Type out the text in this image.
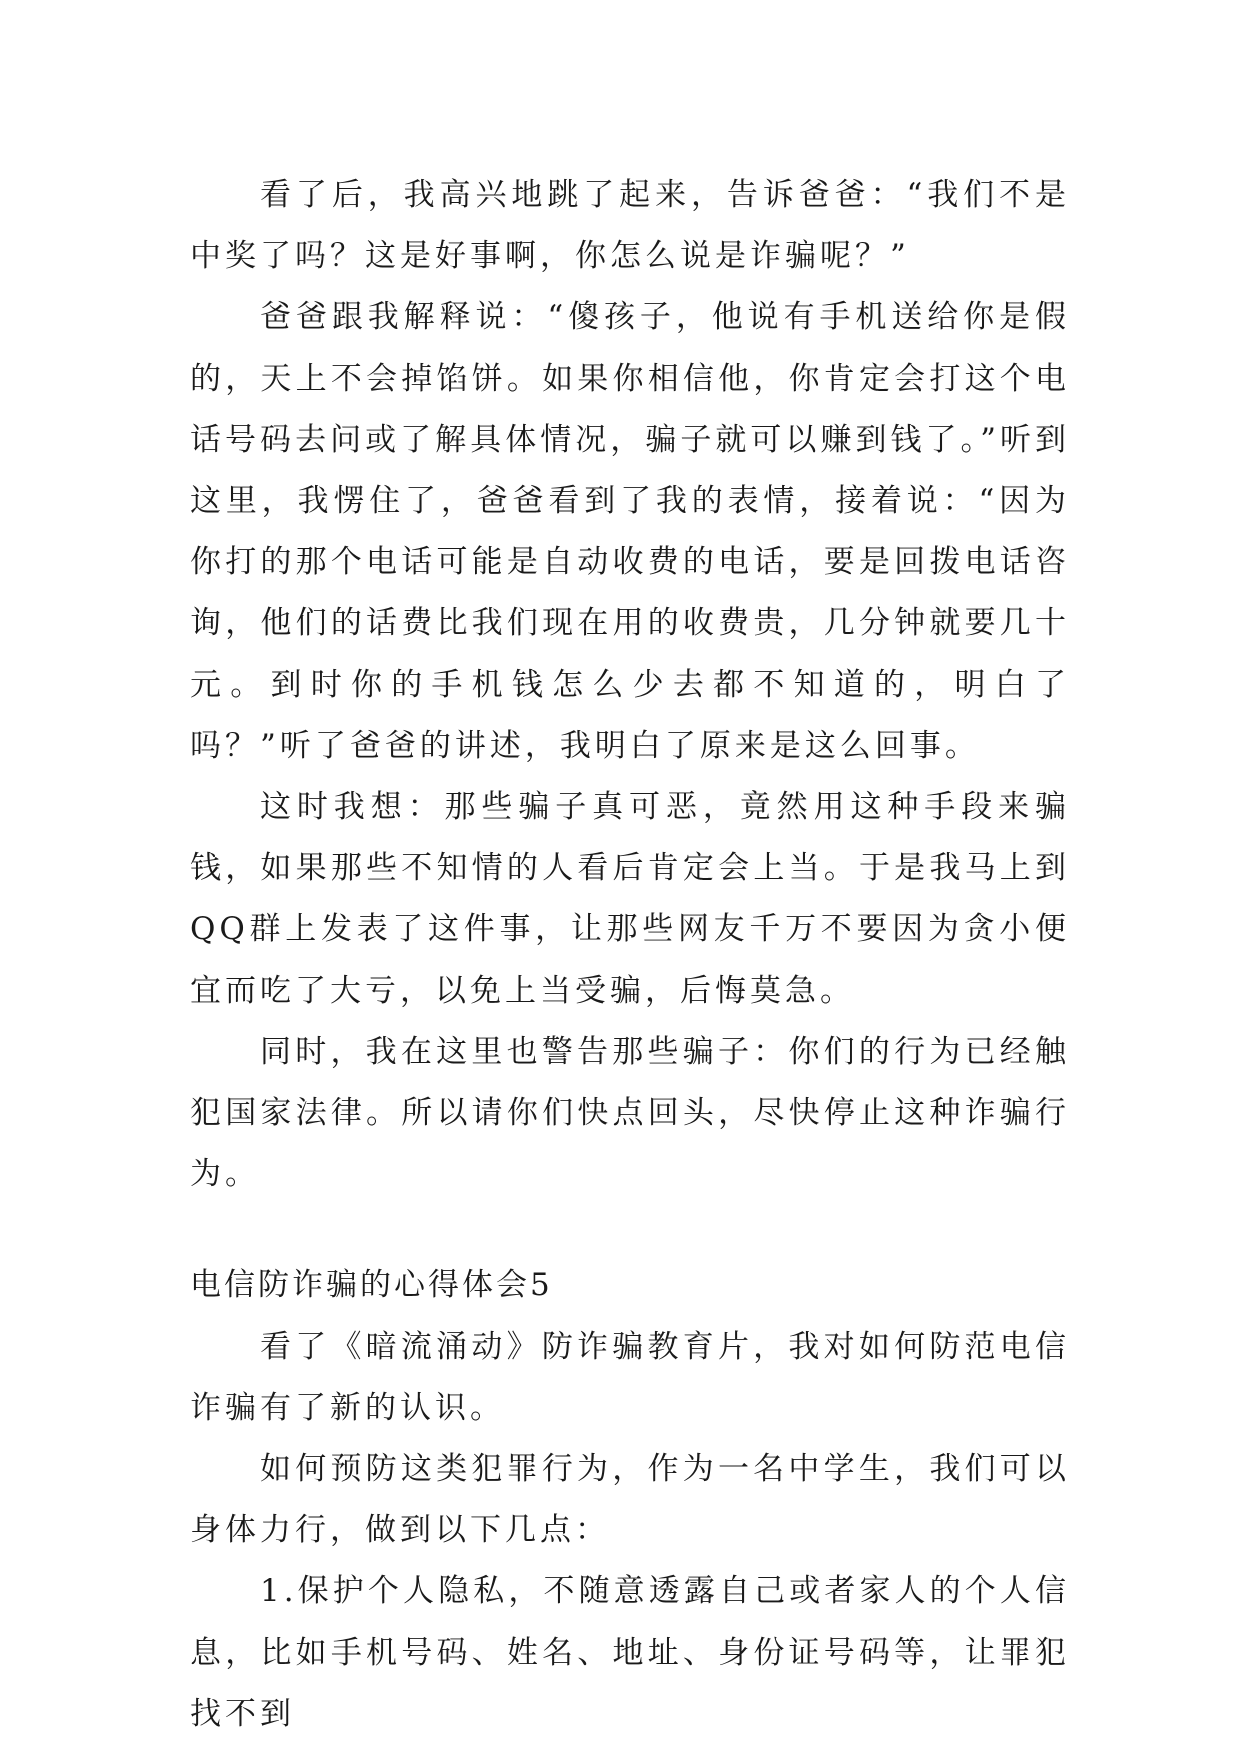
看了后，我高兴地跳了起来，告诉爸爸：“我们不是中奖了吗？这是好事啊，你怎么说是诈骗呢？”

爸爸跟我解释说：“傻孩子，他说有手机送给你是假的，天上不会掉馅饼。如果你相信他，你肯定会打这个电话号码去问或了解具体情况，骗子就可以赚到钱了。”听到这里，我愣住了，爸爸看到了我的表情，接着说：“因为你打的那个电话可能是自动收费的电话，要是回拨电话咨询，他们的话费比我们现在用的收费贵，几分钟就要几十元。到时你的手机钱怎么少去都不知道的，明白了吗？”听了爸爸的讲述，我明白了原来是这么回事。

这时我想：那些骗子真可恶，竟然用这种手段来骗钱，如果那些不知情的人看后肯定会上当。于是我马上到QQ群上发表了这件事，让那些网友千万不要因为贪小便宜而吃了大亏，以免上当受骗，后悔莫急。

同时，我在这里也警告那些骗子：你们的行为已经触犯国家法律。所以请你们快点回头，尽快停止这种诈骗行为。

电信防诈骗的心得体会5

看了《暗流涌动》防诈骗教育片，我对如何防范电信诈骗有了新的认识。

如何预防这类犯罪行为，作为一名中学生，我们可以身体力行，做到以下几点：

1.保护个人隐私，不随意透露自己或者家人的个人信息，比如手机号码、姓名、地址、身份证号码等，让罪犯找不到
